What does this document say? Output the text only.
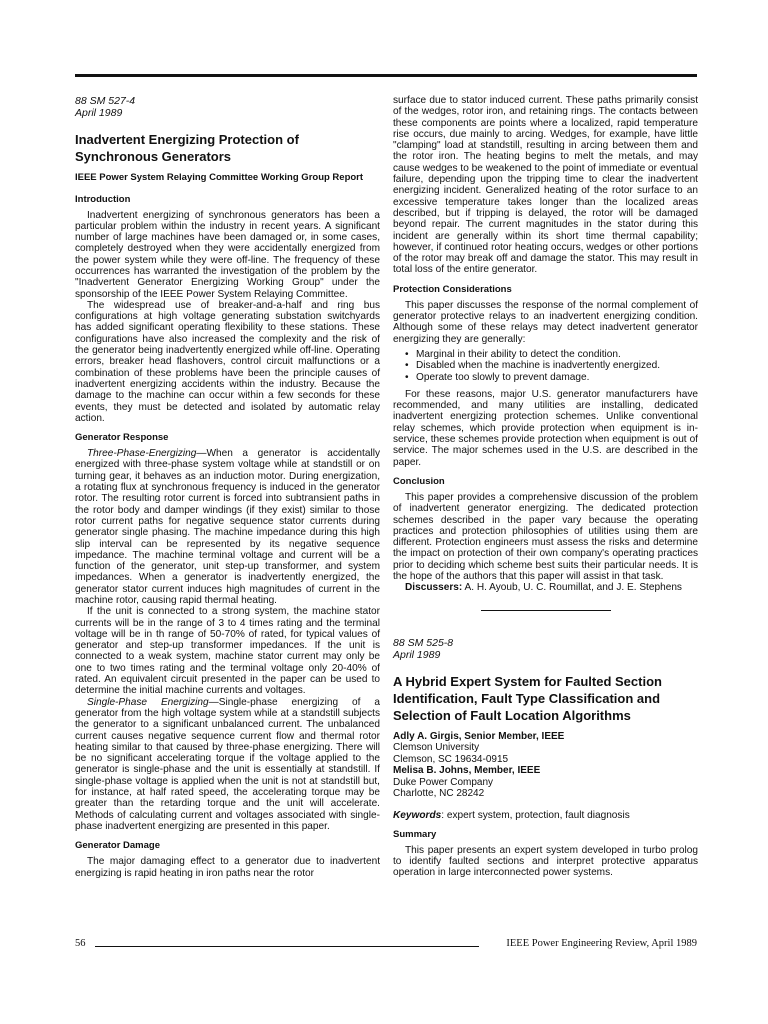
88 SM 527-4
April 1989
Inadvertent Energizing Protection of Synchronous Generators
IEEE Power System Relaying Committee Working Group Report
Introduction

Inadvertent energizing of synchronous generators has been a particular problem within the industry in recent years. A significant number of large machines have been damaged or, in some cases, completely destroyed when they were accidentally energized from the power system while they were off-line. The frequency of these occurrences has warranted the investigation of the problem by the "Inadvertent Generator Energizing Working Group" under the sponsorship of the IEEE Power System Relaying Committee.

The widespread use of breaker-and-a-half and ring bus configurations at high voltage generating substation switchyards has added significant operating flexibility to these stations. These configurations have also increased the complexity and the risk of the generator being inadvertently energized while off-line. Operating errors, breaker head flashovers, control circuit malfunctions or a combination of these problems have been the principle causes of inadvertent energizing accidents within the industry. Because the damage to the machine can occur within a few seconds for these events, they must be detected and isolated by automatic relay action.

Generator Response

Three-Phase-Energizing—When a generator is accidentally energized with three-phase system voltage while at standstill or on turning gear, it behaves as an induction motor. During energization, a rotating flux at synchronous frequency is induced in the generator rotor. The resulting rotor current is forced into subtransient paths in the rotor body and damper windings (if they exist) similar to those rotor current paths for negative sequence stator currents during generator single phasing. The machine impedance during this high slip interval can be represented by its negative sequence impedance. The machine terminal voltage and current will be a function of the generator, unit step-up transformer, and system impedances. When a generator is inadvertently energized, the generator stator current induces high magnitudes of current in the machine rotor, causing rapid thermal heating.

If the unit is connected to a strong system, the machine stator currents will be in the range of 3 to 4 times rating and the terminal voltage will be in th range of 50-70% of rated, for typical values of generator and step-up transformer impedances. If the unit is connected to a weak system, machine stator current may only be one to two times rating and the terminal voltage only 20-40% of rated. An equivalent circuit presented in the paper can be used to determine the initial machine currents and voltages.

Single-Phase Energizing—Single-phase energizing of a generator from the high voltage system while at a standstill subjects the generator to a significant unbalanced current. The unbalanced current causes negative sequence current flow and thermal rotor heating similar to that caused by three-phase energizing. There will be no significant accelerating torque if the voltage applied to the generator is single-phase and the unit is essentially at standstill. If single-phase voltage is applied when the unit is not at standstill but, for instance, at half rated speed, the accelerating torque may be greater than the retarding torque and the unit will accelerate. Methods of calculating current and voltages associated with single-phase inadvertent energizing are presented in this paper.

Generator Damage

The major damaging effect to a generator due to inadvertent energizing is rapid heating in iron paths near the rotor

surface due to stator induced current. These paths primarily consist of the wedges, rotor iron, and retaining rings. The contacts between these components are points where a localized, rapid temperature rise occurs, due mainly to arcing. Wedges, for example, have little "clamping" load at standstill, resulting in arcing between them and the rotor iron. The heating begins to melt the metals, and may cause wedges to be weakened to the point of immediate or eventual failure, depending upon the tripping time to clear the inadvertent energizing incident. Generalized heating of the rotor surface to an excessive temperature takes longer than the localized areas described, but if tripping is delayed, the rotor will be damaged beyond repair. The current magnitudes in the stator during this incident are generally within its short time thermal capability; however, if continued rotor heating occurs, wedges or other portions of the rotor may break off and damage the stator. This may result in total loss of the entire generator.

Protection Considerations

This paper discusses the response of the normal complement of generator protective relays to an inadvertent energizing condition. Although some of these relays may detect inadvertent generator energizing they are generally:

• Marginal in their ability to detect the condition.
• Disabled when the machine is inadvertently energized.
• Operate too slowly to prevent damage.

For these reasons, major U.S. generator manufacturers have recommended, and many utilities are installing, dedicated inadvertent energizing protection schemes. Unlike conventional relay schemes, which provide protection when equipment is in-service, these schemes provide protection when equipment is out of service. The major schemes used in the U.S. are described in the paper.

Conclusion

This paper provides a comprehensive discussion of the problem of inadvertent generator energizing. The dedicated protection schemes described in the paper vary because the operating practices and protection philosophies of utilities using them are different. Protection engineers must assess the risks and determine the impact on protection of their own company's operating practices prior to deciding which scheme best suits their particular needs. It is the hope of the authors that this paper will assist in that task.

Discussers: A. H. Ayoub, U. C. Roumillat, and J. E. Stephens

88 SM 525-8
April 1989
A Hybrid Expert System for Faulted Section Identification, Fault Type Classification and Selection of Fault Location Algorithms
Adly A. Girgis, Senior Member, IEEE
Clemson University
Clemson, SC 19634-0915
Melisa B. Johns, Member, IEEE
Duke Power Company
Charlotte, NC 28242
Keywords: expert system, protection, fault diagnosis
Summary

This paper presents an expert system developed in turbo prolog to identify faulted sections and interpret protective apparatus operation in large interconnected power systems.

56	IEEE Power Engineering Review, April 1989
